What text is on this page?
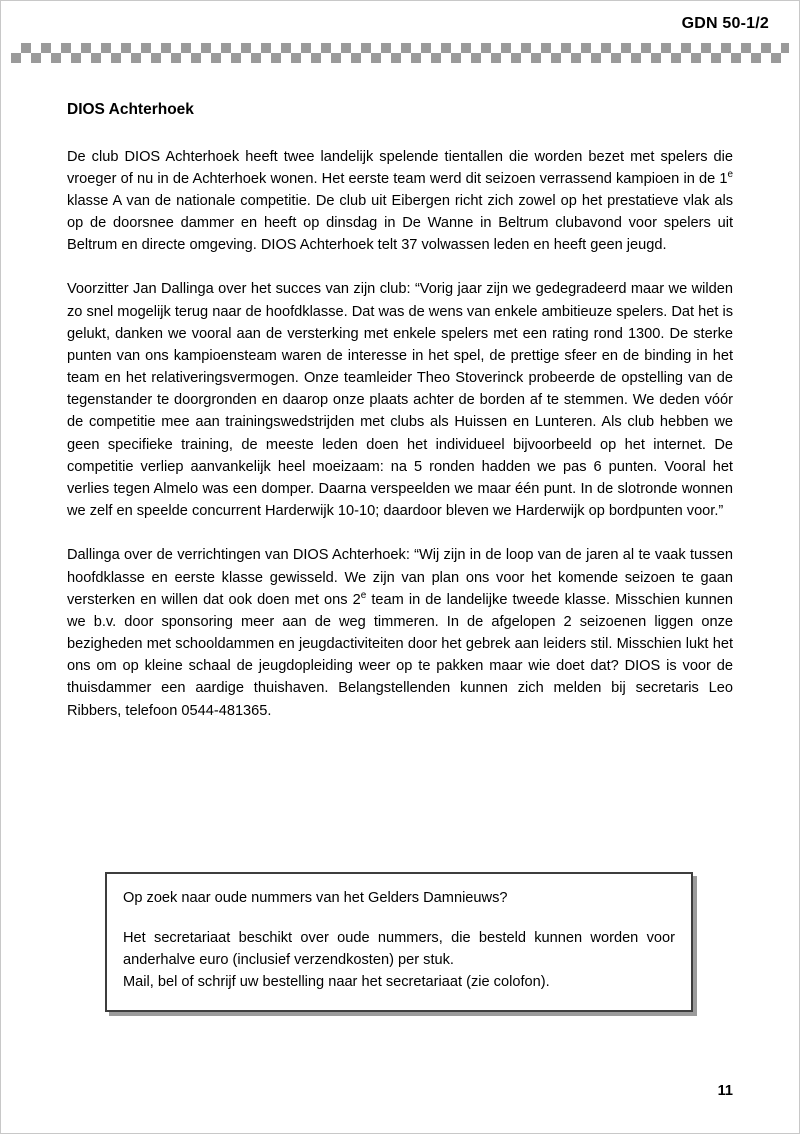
GDN 50-1/2
DIOS Achterhoek

De club DIOS Achterhoek heeft twee landelijk spelende tientallen die worden bezet met spelers die vroeger of nu in de Achterhoek wonen. Het eerste team werd dit seizoen verrassend kampioen in de 1e klasse A van de nationale competitie. De club uit Eibergen richt zich zowel op het prestatieve vlak als op de doorsnee dammer en heeft op dinsdag in De Wanne in Beltrum clubavond voor spelers uit Beltrum en directe omgeving. DIOS Achterhoek telt 37 volwassen leden en heeft geen jeugd.

Voorzitter Jan Dallinga over het succes van zijn club: “Vorig jaar zijn we gedegradeerd maar we wilden zo snel mogelijk terug naar de hoofdklasse. Dat was de wens van enkele ambitieuze spelers. Dat het is gelukt, danken we vooral aan de versterking met enkele spelers met een rating rond 1300. De sterke punten van ons kampioensteam waren de interesse in het spel, de prettige sfeer en de binding in het team en het relativeringsvermogen. Onze teamleider Theo Stoverinck probeerde de opstelling van de tegenstander te doorgronden en daarop onze plaats achter de borden af te stemmen. We deden vóór de competitie mee aan trainingswedstrijden met clubs als Huissen en Lunteren. Als club hebben we geen specifieke training, de meeste leden doen het individueel bijvoorbeeld op het internet. De competitie verliep aanvankelijk heel moeizaam: na 5 ronden hadden we pas 6 punten. Vooral het verlies tegen Almelo was een domper. Daarna verspeelden we maar één punt. In de slotronde wonnen we zelf en speelde concurrent Harderwijk 10-10; daardoor bleven we Harderwijk op bordpunten voor.”

Dallinga over de verrichtingen van DIOS Achterhoek: “Wij zijn in de loop van de jaren al te vaak tussen hoofdklasse en eerste klasse gewisseld. We zijn van plan ons voor het komende seizoen te gaan versterken en willen dat ook doen met ons 2e team in de landelijke tweede klasse. Misschien kunnen we b.v. door sponsoring meer aan de weg timmeren. In de afgelopen 2 seizoenen liggen onze bezigheden met schooldammen en jeugdactiviteiten door het gebrek aan leiders stil. Misschien lukt het ons om op kleine schaal de jeugdopleiding weer op te pakken maar wie doet dat? DIOS is voor de thuisdammer een aardige thuishaven. Belangstellenden kunnen zich melden bij secretaris Leo Ribbers, telefoon 0544-481365.

Op zoek naar oude nummers van het Gelders Damnieuws?

Het secretariaat beschikt over oude nummers, die besteld kunnen worden voor anderhalve euro (inclusief verzendkosten) per stuk.

Mail, bel of schrijf uw bestelling naar het secretariaat (zie colofon).

11
